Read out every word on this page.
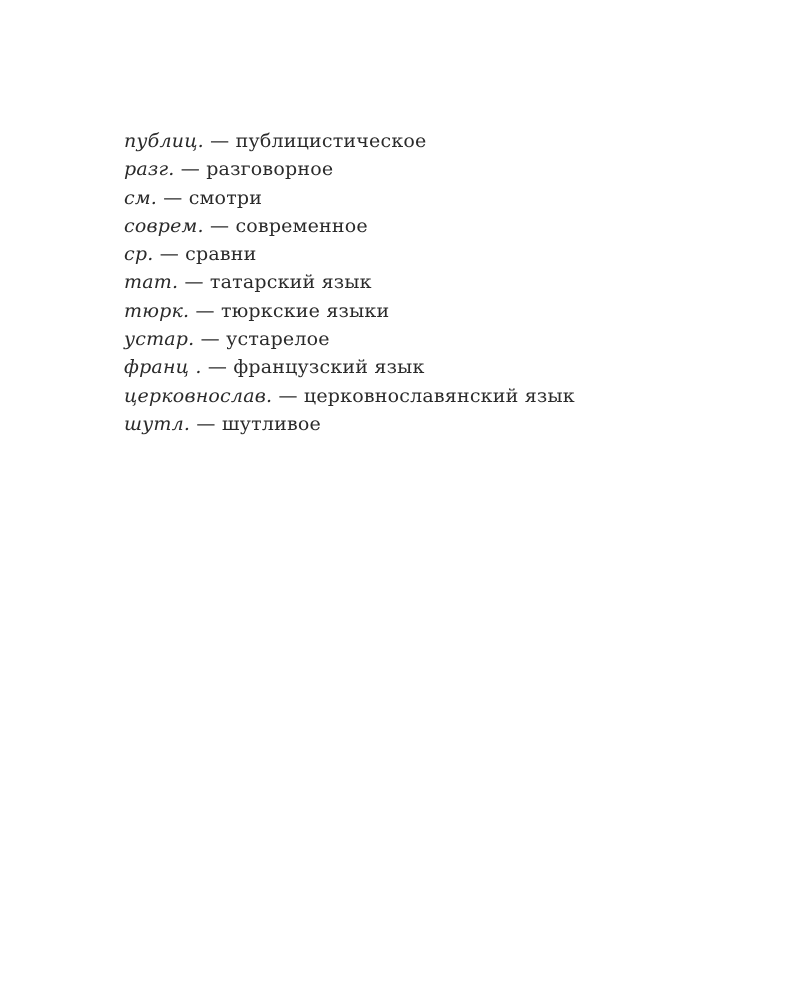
публиц. — публицистическое
разг. — разговорное
см. — смотри
соврем. — современное
ср. — сравни
тат. — татарский язык
тюрк. — тюркские языки
устар. — устарелое
франц . — французский язык
церковнослав. — церковнославянский язык
шутл. — шутливое
